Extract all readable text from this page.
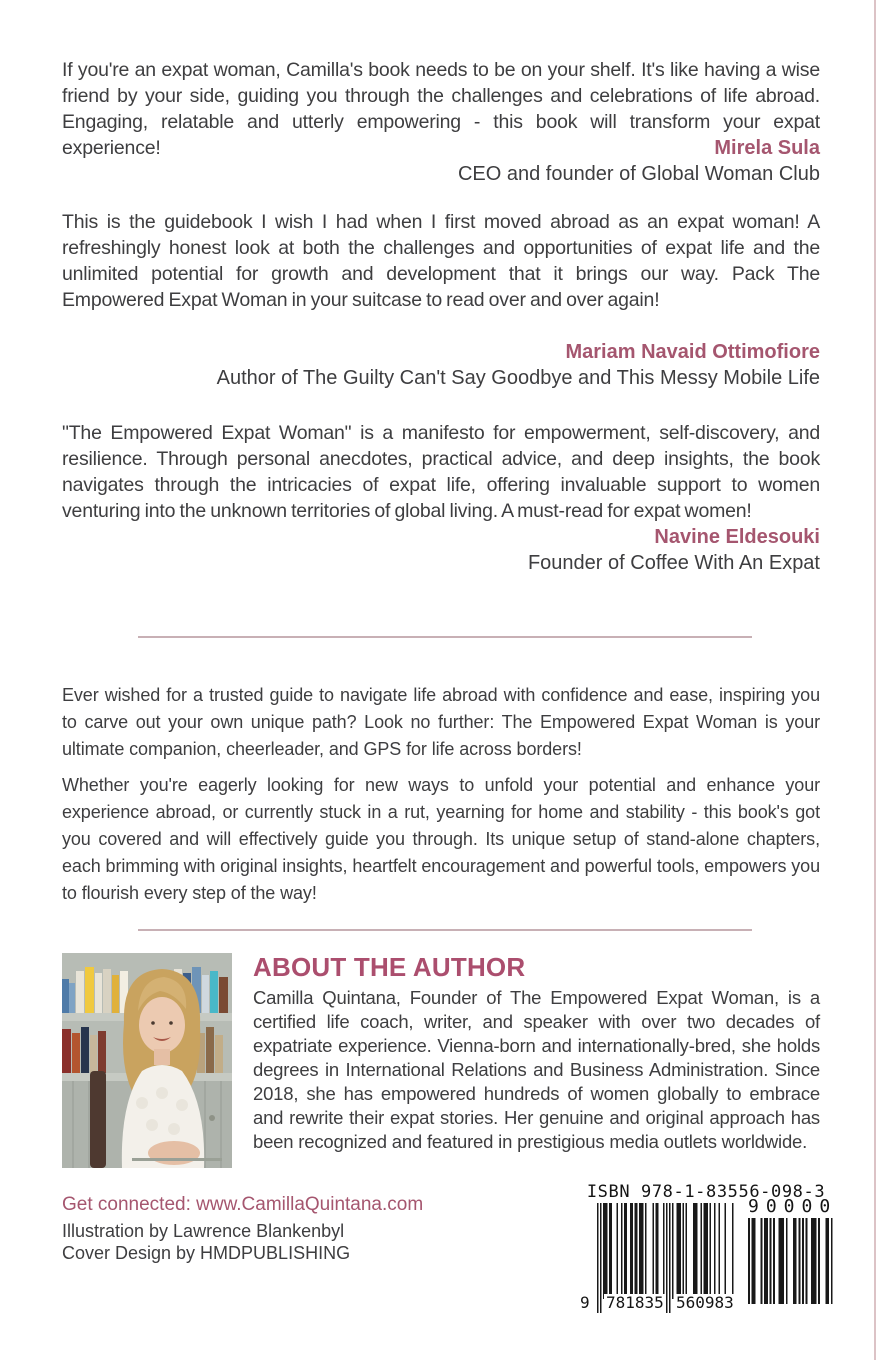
If you're an expat woman, Camilla's book needs to be on your shelf. It's like having a wise friend by your side, guiding you through the challenges and celebrations of life abroad. Engaging, relatable and utterly empowering - this book will transform your expat experience!	Mirela Sula
CEO and founder of Global Woman Club
This is the guidebook I wish I had when I first moved abroad as an expat woman! A refreshingly honest look at both the challenges and opportunities of expat life and the unlimited potential for growth and development that it brings our way. Pack The Empowered Expat Woman in your suitcase to read over and over again!
Mariam Navaid Ottimofiore
Author of The Guilty Can't Say Goodbye and This Messy Mobile Life
"The Empowered Expat Woman" is a manifesto for empowerment, self-discovery, and resilience. Through personal anecdotes, practical advice, and deep insights, the book navigates through the intricacies of expat life, offering invaluable support to women venturing into the unknown territories of global living. A must-read for expat women!
Navine Eldesouki
Founder of Coffee With An Expat
Ever wished for a trusted guide to navigate life abroad with confidence and ease, inspiring you to carve out your own unique path? Look no further: The Empowered Expat Woman is your ultimate companion, cheerleader, and GPS for life across borders!
Whether you're eagerly looking for new ways to unfold your potential and enhance your experience abroad, or currently stuck in a rut, yearning for home and stability - this book's got you covered and will effectively guide you through. Its unique setup of stand-alone chapters, each brimming with original insights, heartfelt encouragement and powerful tools, empowers you to flourish every step of the way!
ABOUT THE AUTHOR
Camilla Quintana, Founder of The Empowered Expat Woman, is a certified life coach, writer, and speaker with over two decades of expatriate experience. Vienna-born and internationally-bred, she holds degrees in International Relations and Business Administration. Since 2018, she has empowered hundreds of women globally to embrace and rewrite their expat stories. Her genuine and original approach has been recognized and featured in prestigious media outlets worldwide.
Get connected: www.CamillaQuintana.com
Illustration by Lawrence Blankenbyl
Cover Design by HMDPUBLISHING
ISBN 978-1-83556-098-3
9 781835 560983
90000
